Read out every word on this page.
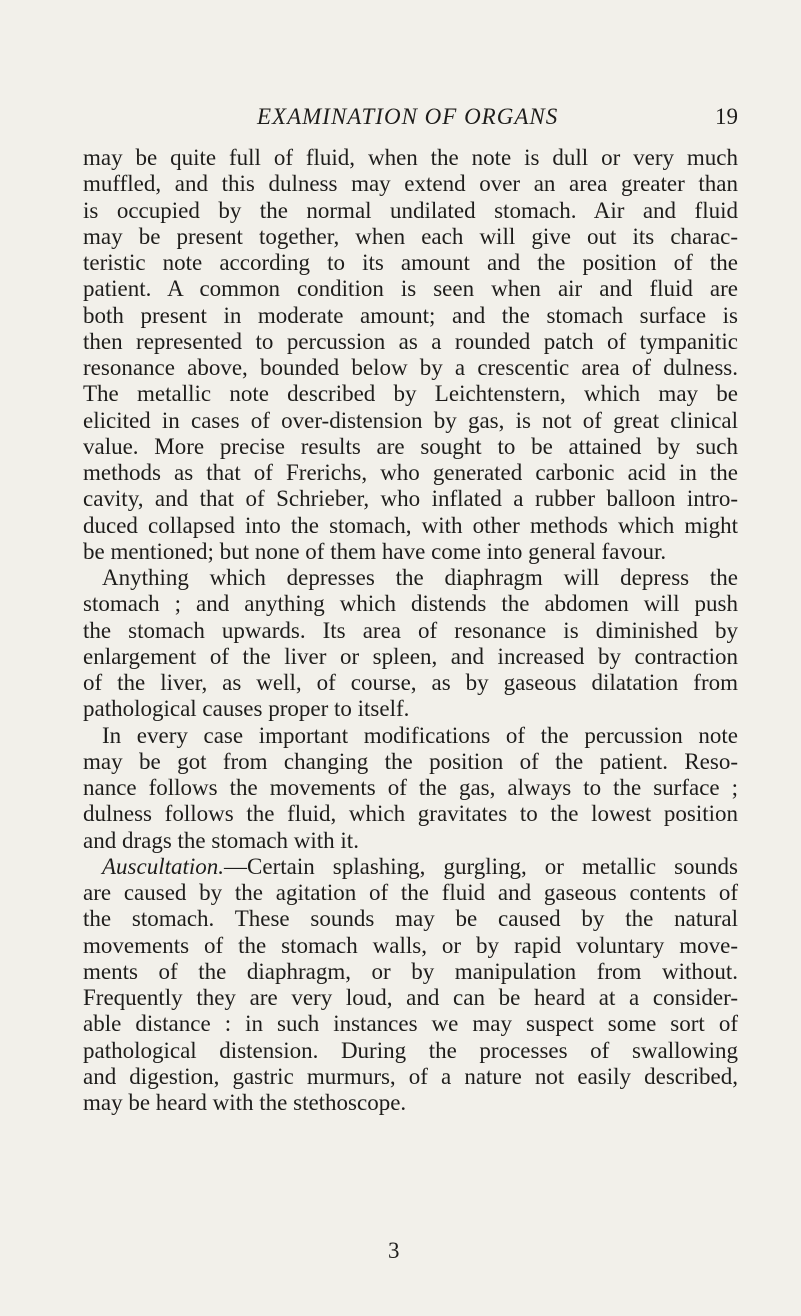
EXAMINATION OF ORGANS	19
may be quite full of fluid, when the note is dull or very much
muffled, and this dulness may extend over an area greater than
is occupied by the normal undilated stomach. Air and fluid
may be present together, when each will give out its charac-
teristic note according to its amount and the position of the
patient. A common condition is seen when air and fluid are
both present in moderate amount; and the stomach surface is
then represented to percussion as a rounded patch of tympanitic
resonance above, bounded below by a crescentic area of dulness.
The metallic note described by Leichtenstern, which may be
elicited in cases of over-distension by gas, is not of great clinical
value. More precise results are sought to be attained by such
methods as that of Frerichs, who generated carbonic acid in the
cavity, and that of Schrieber, who inflated a rubber balloon intro-
duced collapsed into the stomach, with other methods which might
be mentioned; but none of them have come into general favour.
Anything which depresses the diaphragm will depress the
stomach ; and anything which distends the abdomen will push
the stomach upwards. Its area of resonance is diminished by
enlargement of the liver or spleen, and increased by contraction
of the liver, as well, of course, as by gaseous dilatation from
pathological causes proper to itself.
In every case important modifications of the percussion note
may be got from changing the position of the patient. Reso-
nance follows the movements of the gas, always to the surface ;
dulness follows the fluid, which gravitates to the lowest position
and drags the stomach with it.
Auscultation.—Certain splashing, gurgling, or metallic sounds
are caused by the agitation of the fluid and gaseous contents of
the stomach. These sounds may be caused by the natural
movements of the stomach walls, or by rapid voluntary move-
ments of the diaphragm, or by manipulation from without.
Frequently they are very loud, and can be heard at a consider-
able distance : in such instances we may suspect some sort of
pathological distension. During the processes of swallowing
and digestion, gastric murmurs, of a nature not easily described,
may be heard with the stethoscope.
3
